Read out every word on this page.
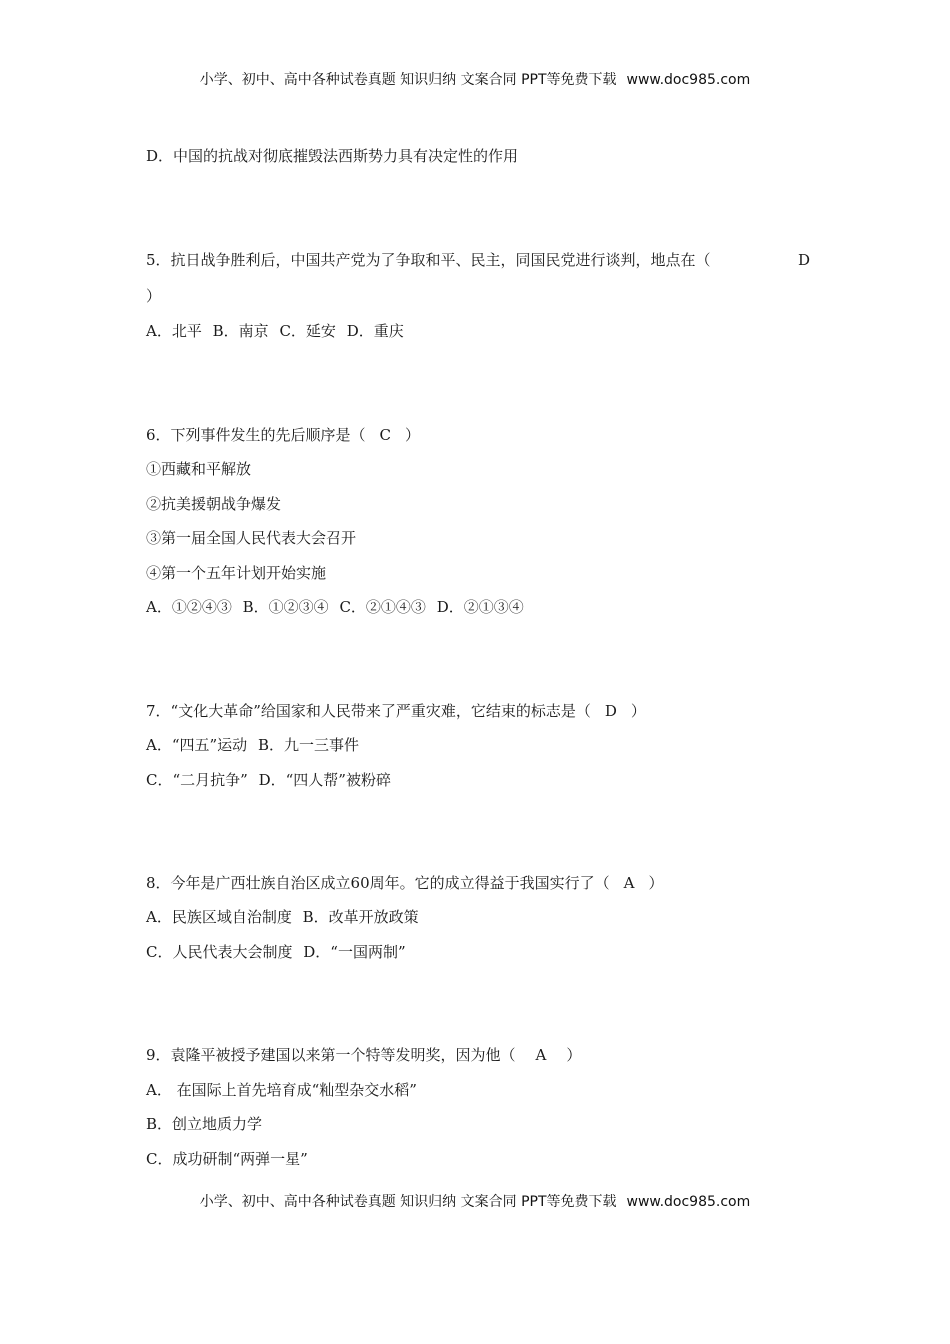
小学、初中、高中各种试卷真题 知识归纳 文案合同 PPT等免费下载 www.doc985.com
D．中国的抗战对彻底摧毁法西斯势力具有决定性的作用
5．抗日战争胜利后，中国共产党为了争取和平、民主，同国民党进行谈判，地点在（	D
）
A．北平 B．南京 C．延安 D．重庆
6．下列事件发生的先后顺序是（ C ）
①西藏和平解放
②抗美援朝战争爆发
③第一届全国人民代表大会召开
④第一个五年计划开始实施
A．①②④③ B．①②③④ C．②①④③ D．②①③④
7．“文化大革命”给国家和人民带来了严重灾难，它结束的标志是（ D ）
A．“四五”运动 B．九一三事件
C．“二月抗争” D．“四人帮”被粉碎
8．今年是广西壮族自治区成立60周年。它的成立得益于我国实行了（ A ）
A．民族区域自治制度 B．改革开放政策
C．人民代表大会制度 D．“一国两制”
9．袁隆平被授予建国以来第一个特等发明奖，因为他（ A ）
A． 在国际上首先培育成“籼型杂交水稻”
B．创立地质力学
C．成功研制“两弹一星”
小学、初中、高中各种试卷真题 知识归纳 文案合同 PPT等免费下载 www.doc985.com
